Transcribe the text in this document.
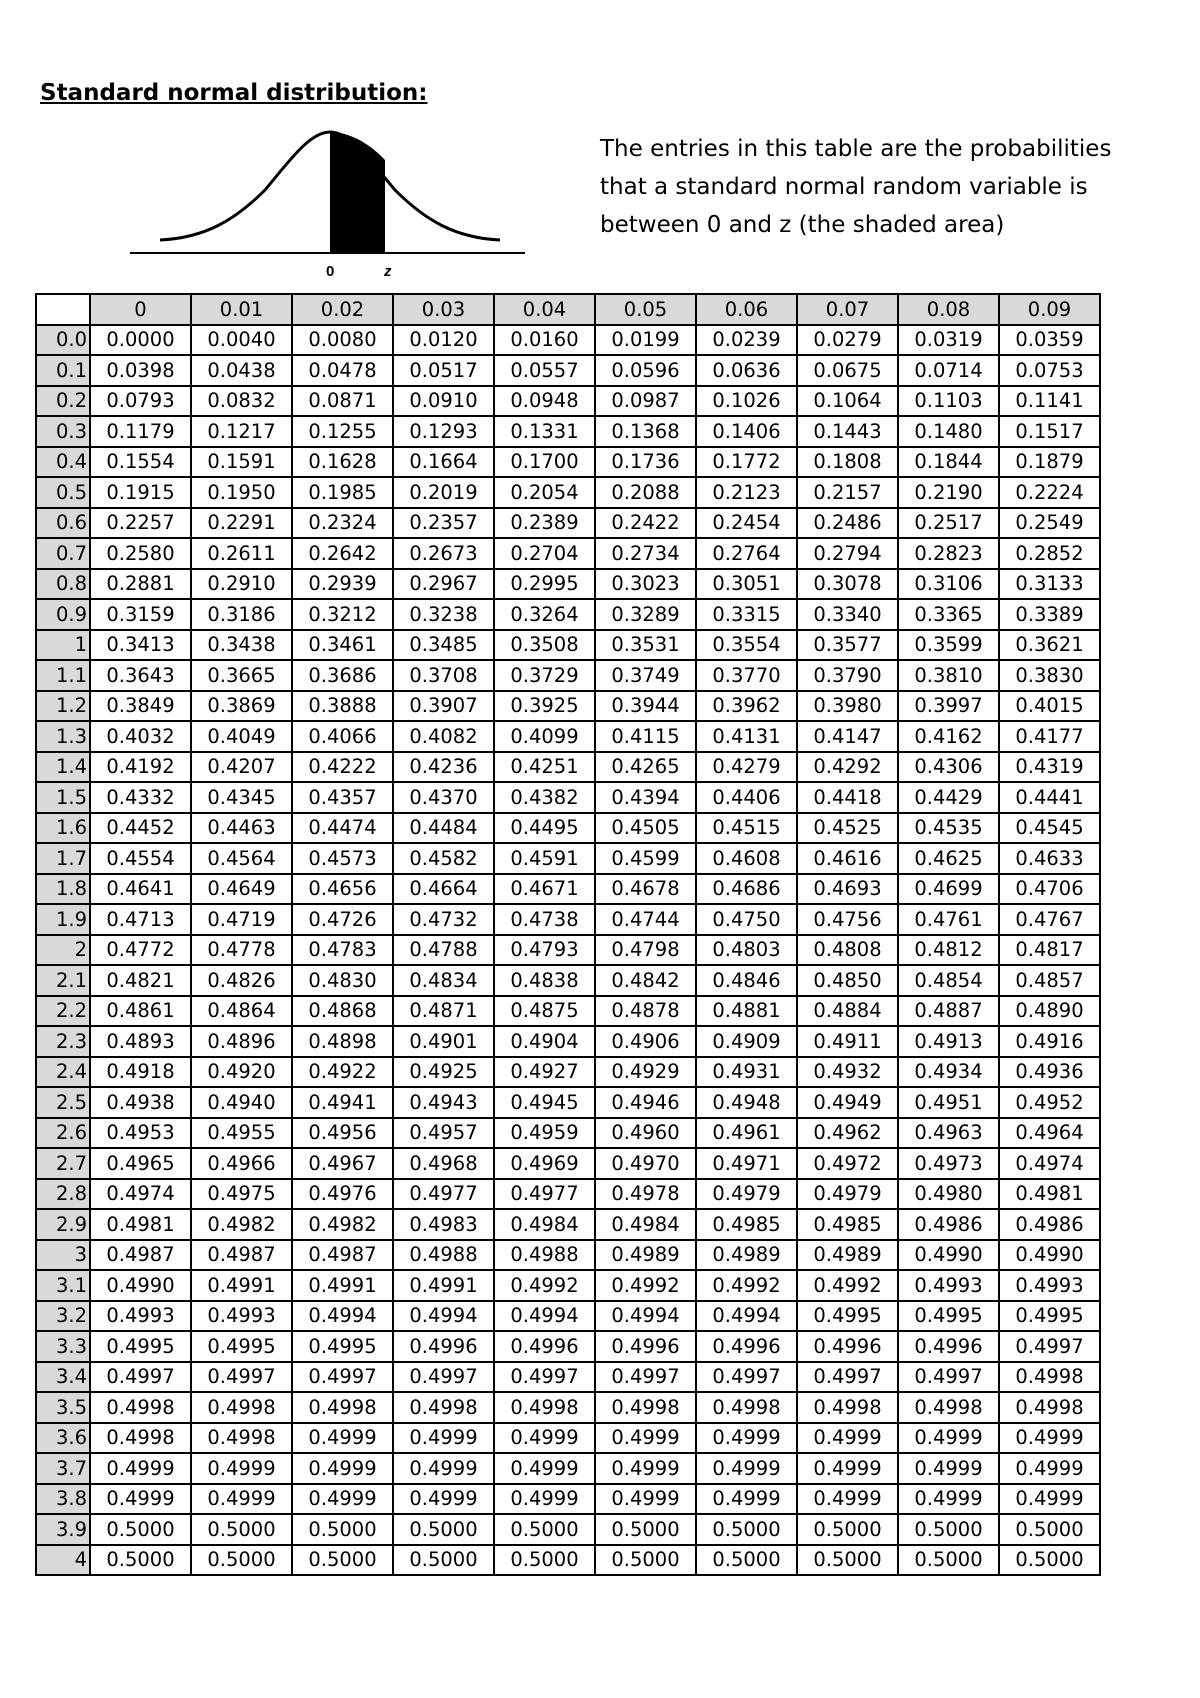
Standard normal distribution:
0	z
The entries in this table are the probabilities that a standard normal random variable is between 0 and z (the shaded area)
	0	0.01	0.02	0.03	0.04	0.05	0.06	0.07	0.08	0.09
0.0	0.0000	0.0040	0.0080	0.0120	0.0160	0.0199	0.0239	0.0279	0.0319	0.0359
0.1	0.0398	0.0438	0.0478	0.0517	0.0557	0.0596	0.0636	0.0675	0.0714	0.0753
0.2	0.0793	0.0832	0.0871	0.0910	0.0948	0.0987	0.1026	0.1064	0.1103	0.1141
0.3	0.1179	0.1217	0.1255	0.1293	0.1331	0.1368	0.1406	0.1443	0.1480	0.1517
0.4	0.1554	0.1591	0.1628	0.1664	0.1700	0.1736	0.1772	0.1808	0.1844	0.1879
0.5	0.1915	0.1950	0.1985	0.2019	0.2054	0.2088	0.2123	0.2157	0.2190	0.2224
0.6	0.2257	0.2291	0.2324	0.2357	0.2389	0.2422	0.2454	0.2486	0.2517	0.2549
0.7	0.2580	0.2611	0.2642	0.2673	0.2704	0.2734	0.2764	0.2794	0.2823	0.2852
0.8	0.2881	0.2910	0.2939	0.2967	0.2995	0.3023	0.3051	0.3078	0.3106	0.3133
0.9	0.3159	0.3186	0.3212	0.3238	0.3264	0.3289	0.3315	0.3340	0.3365	0.3389
1	0.3413	0.3438	0.3461	0.3485	0.3508	0.3531	0.3554	0.3577	0.3599	0.3621
1.1	0.3643	0.3665	0.3686	0.3708	0.3729	0.3749	0.3770	0.3790	0.3810	0.3830
1.2	0.3849	0.3869	0.3888	0.3907	0.3925	0.3944	0.3962	0.3980	0.3997	0.4015
1.3	0.4032	0.4049	0.4066	0.4082	0.4099	0.4115	0.4131	0.4147	0.4162	0.4177
1.4	0.4192	0.4207	0.4222	0.4236	0.4251	0.4265	0.4279	0.4292	0.4306	0.4319
1.5	0.4332	0.4345	0.4357	0.4370	0.4382	0.4394	0.4406	0.4418	0.4429	0.4441
1.6	0.4452	0.4463	0.4474	0.4484	0.4495	0.4505	0.4515	0.4525	0.4535	0.4545
1.7	0.4554	0.4564	0.4573	0.4582	0.4591	0.4599	0.4608	0.4616	0.4625	0.4633
1.8	0.4641	0.4649	0.4656	0.4664	0.4671	0.4678	0.4686	0.4693	0.4699	0.4706
1.9	0.4713	0.4719	0.4726	0.4732	0.4738	0.4744	0.4750	0.4756	0.4761	0.4767
2	0.4772	0.4778	0.4783	0.4788	0.4793	0.4798	0.4803	0.4808	0.4812	0.4817
2.1	0.4821	0.4826	0.4830	0.4834	0.4838	0.4842	0.4846	0.4850	0.4854	0.4857
2.2	0.4861	0.4864	0.4868	0.4871	0.4875	0.4878	0.4881	0.4884	0.4887	0.4890
2.3	0.4893	0.4896	0.4898	0.4901	0.4904	0.4906	0.4909	0.4911	0.4913	0.4916
2.4	0.4918	0.4920	0.4922	0.4925	0.4927	0.4929	0.4931	0.4932	0.4934	0.4936
2.5	0.4938	0.4940	0.4941	0.4943	0.4945	0.4946	0.4948	0.4949	0.4951	0.4952
2.6	0.4953	0.4955	0.4956	0.4957	0.4959	0.4960	0.4961	0.4962	0.4963	0.4964
2.7	0.4965	0.4966	0.4967	0.4968	0.4969	0.4970	0.4971	0.4972	0.4973	0.4974
2.8	0.4974	0.4975	0.4976	0.4977	0.4977	0.4978	0.4979	0.4979	0.4980	0.4981
2.9	0.4981	0.4982	0.4982	0.4983	0.4984	0.4984	0.4985	0.4985	0.4986	0.4986
3	0.4987	0.4987	0.4987	0.4988	0.4988	0.4989	0.4989	0.4989	0.4990	0.4990
3.1	0.4990	0.4991	0.4991	0.4991	0.4992	0.4992	0.4992	0.4992	0.4993	0.4993
3.2	0.4993	0.4993	0.4994	0.4994	0.4994	0.4994	0.4994	0.4995	0.4995	0.4995
3.3	0.4995	0.4995	0.4995	0.4996	0.4996	0.4996	0.4996	0.4996	0.4996	0.4997
3.4	0.4997	0.4997	0.4997	0.4997	0.4997	0.4997	0.4997	0.4997	0.4997	0.4998
3.5	0.4998	0.4998	0.4998	0.4998	0.4998	0.4998	0.4998	0.4998	0.4998	0.4998
3.6	0.4998	0.4998	0.4999	0.4999	0.4999	0.4999	0.4999	0.4999	0.4999	0.4999
3.7	0.4999	0.4999	0.4999	0.4999	0.4999	0.4999	0.4999	0.4999	0.4999	0.4999
3.8	0.4999	0.4999	0.4999	0.4999	0.4999	0.4999	0.4999	0.4999	0.4999	0.4999
3.9	0.5000	0.5000	0.5000	0.5000	0.5000	0.5000	0.5000	0.5000	0.5000	0.5000
4	0.5000	0.5000	0.5000	0.5000	0.5000	0.5000	0.5000	0.5000	0.5000	0.5000
